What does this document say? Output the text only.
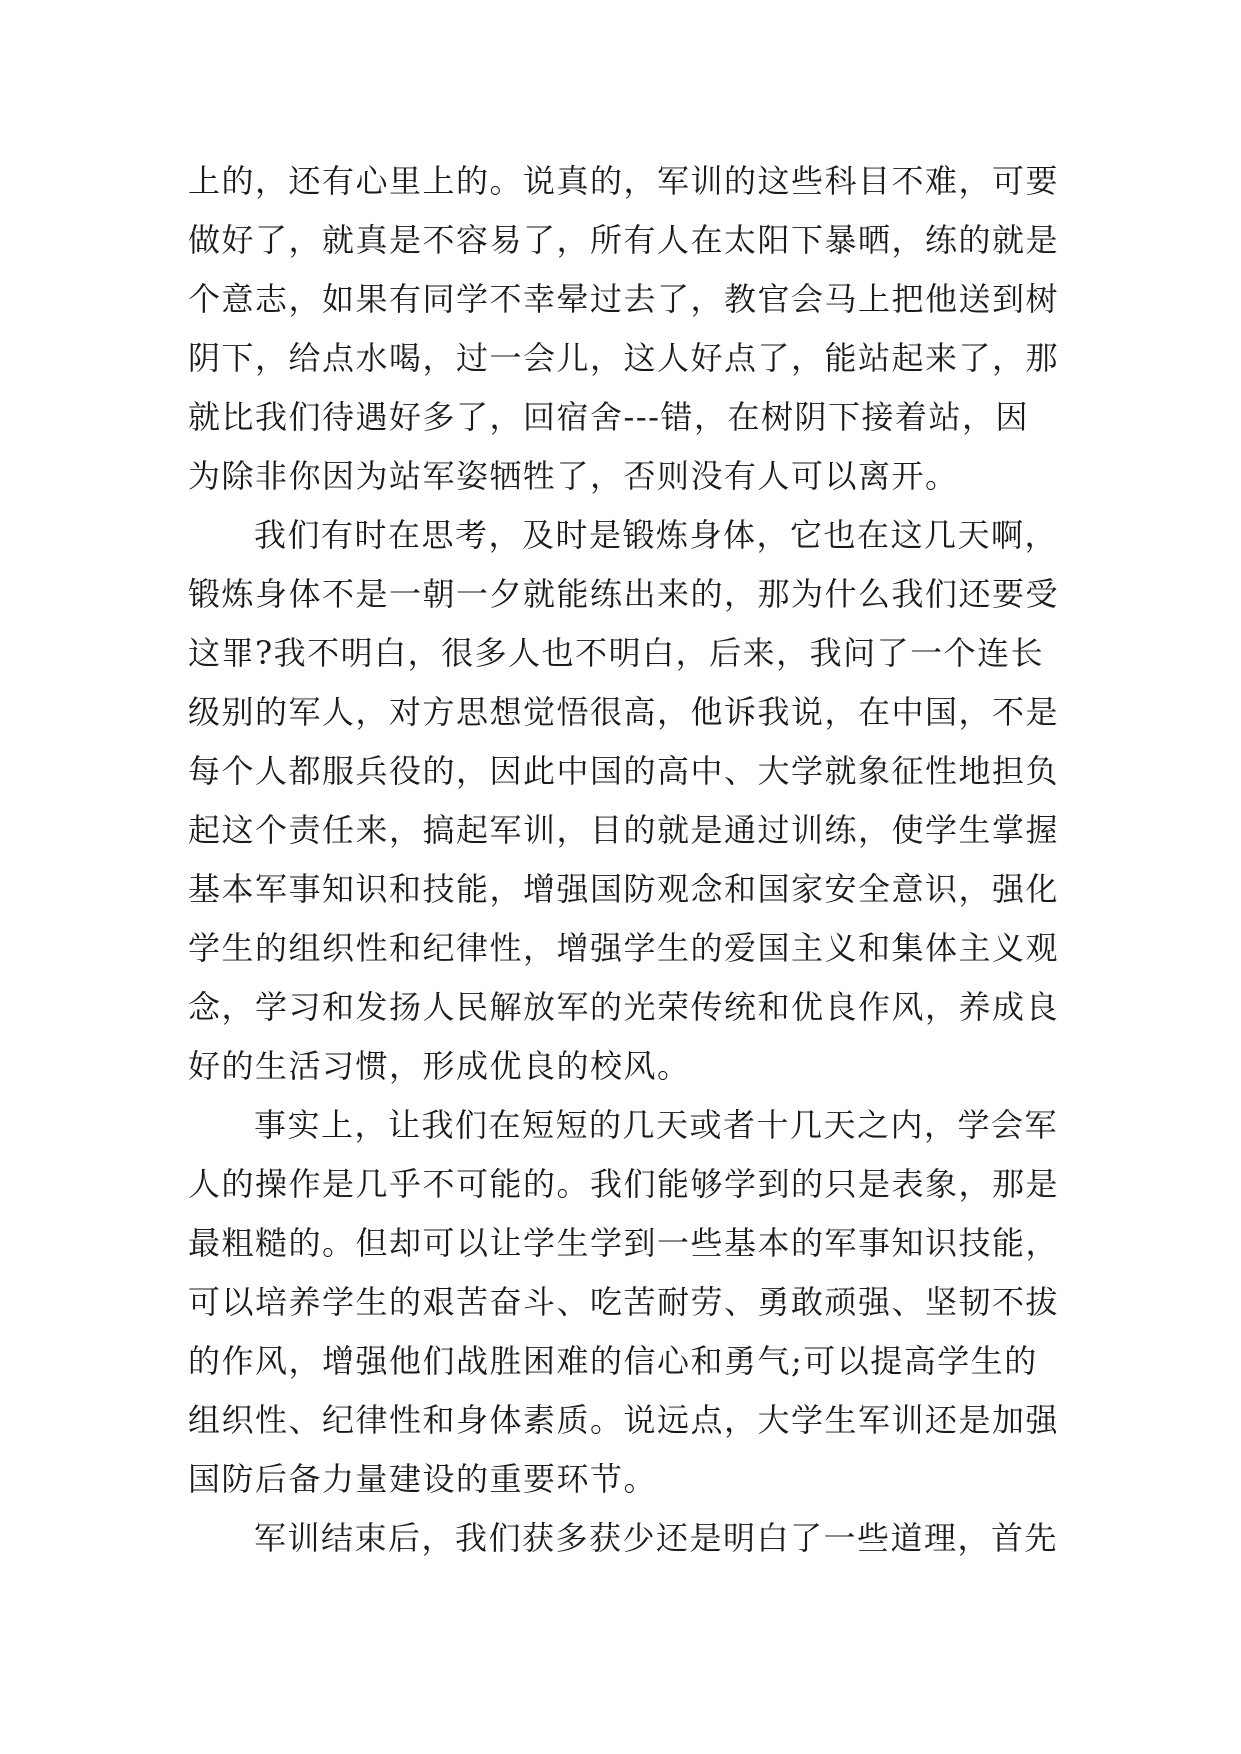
上的，还有心里上的。说真的，军训的这些科目不难，可要
做好了，就真是不容易了，所有人在太阳下暴晒，练的就是
个意志，如果有同学不幸晕过去了，教官会马上把他送到树
阴下，给点水喝，过一会儿，这人好点了，能站起来了，那
就比我们待遇好多了，回宿舍---错，在树阴下接着站，因
为除非你因为站军姿牺牲了，否则没有人可以离开。
我们有时在思考，及时是锻炼身体，它也在这几天啊，
锻炼身体不是一朝一夕就能练出来的，那为什么我们还要受
这罪?我不明白，很多人也不明白，后来，我问了一个连长
级别的军人，对方思想觉悟很高，他诉我说，在中国，不是
每个人都服兵役的，因此中国的高中、大学就象征性地担负
起这个责任来，搞起军训，目的就是通过训练，使学生掌握
基本军事知识和技能，增强国防观念和国家安全意识，强化
学生的组织性和纪律性，增强学生的爱国主义和集体主义观
念，学习和发扬人民解放军的光荣传统和优良作风，养成良
好的生活习惯，形成优良的校风。
事实上，让我们在短短的几天或者十几天之内，学会军
人的操作是几乎不可能的。我们能够学到的只是表象，那是
最粗糙的。但却可以让学生学到一些基本的军事知识技能，
可以培养学生的艰苦奋斗、吃苦耐劳、勇敢顽强、坚韧不拔
的作风，增强他们战胜困难的信心和勇气;可以提高学生的
组织性、纪律性和身体素质。说远点，大学生军训还是加强
国防后备力量建设的重要环节。
军训结束后，我们获多获少还是明白了一些道理，首先
